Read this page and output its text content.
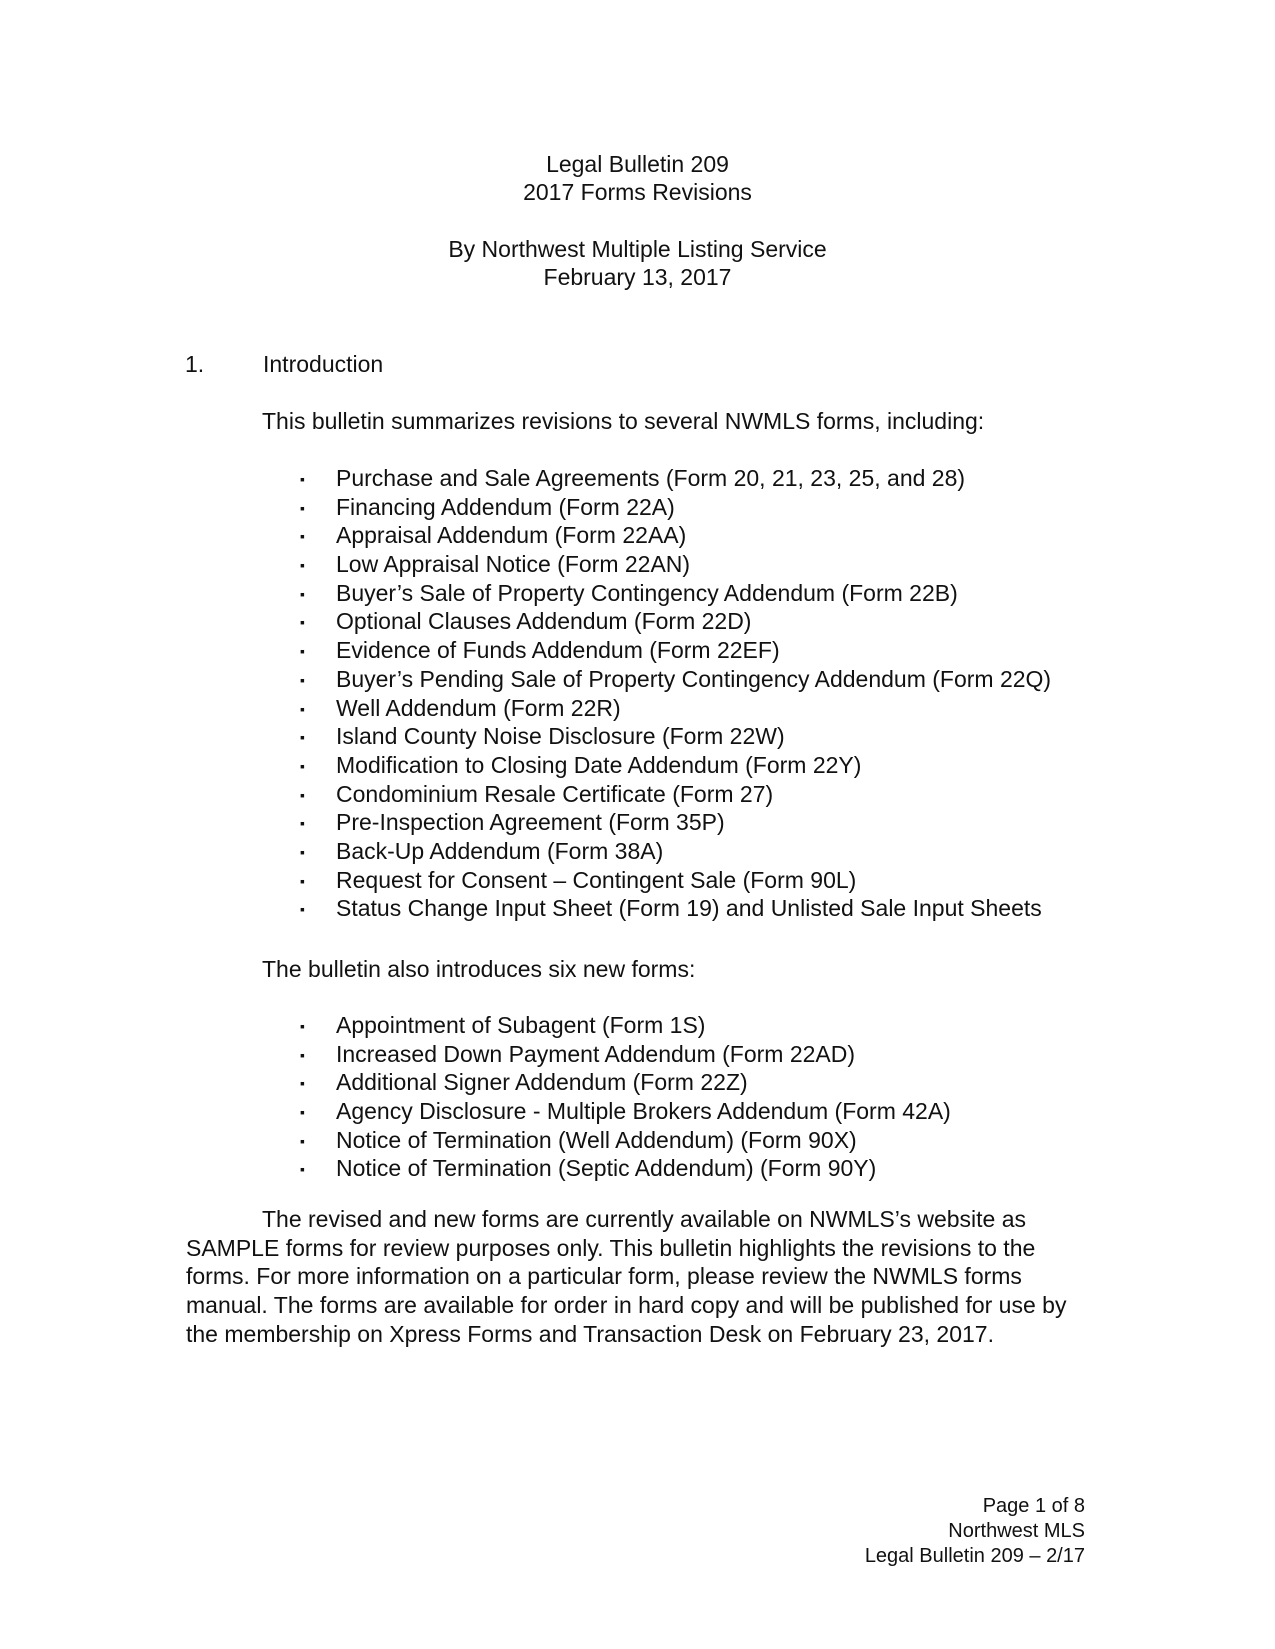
Legal Bulletin 209
2017 Forms Revisions
By Northwest Multiple Listing Service
February 13, 2017
1.	Introduction

This bulletin summarizes revisions to several NWMLS forms, including:

▪ Purchase and Sale Agreements (Form 20, 21, 23, 25, and 28)
▪ Financing Addendum (Form 22A)
▪ Appraisal Addendum (Form 22AA)
▪ Low Appraisal Notice (Form 22AN)
▪ Buyer’s Sale of Property Contingency Addendum (Form 22B)
▪ Optional Clauses Addendum (Form 22D)
▪ Evidence of Funds Addendum (Form 22EF)
▪ Buyer’s Pending Sale of Property Contingency Addendum (Form 22Q)
▪ Well Addendum (Form 22R)
▪ Island County Noise Disclosure (Form 22W)
▪ Modification to Closing Date Addendum (Form 22Y)
▪ Condominium Resale Certificate (Form 27)
▪ Pre-Inspection Agreement (Form 35P)
▪ Back-Up Addendum (Form 38A)
▪ Request for Consent – Contingent Sale (Form 90L)
▪ Status Change Input Sheet (Form 19) and Unlisted Sale Input Sheets

The bulletin also introduces six new forms:

▪ Appointment of Subagent (Form 1S)
▪ Increased Down Payment Addendum (Form 22AD)
▪ Additional Signer Addendum (Form 22Z)
▪ Agency Disclosure - Multiple Brokers Addendum (Form 42A)
▪ Notice of Termination (Well Addendum) (Form 90X)
▪ Notice of Termination (Septic Addendum) (Form 90Y)

The revised and new forms are currently available on NWMLS’s website as SAMPLE forms for review purposes only. This bulletin highlights the revisions to the forms. For more information on a particular form, please review the NWMLS forms manual. The forms are available for order in hard copy and will be published for use by the membership on Xpress Forms and Transaction Desk on February 23, 2017.

Page 1 of 8
Northwest MLS
Legal Bulletin 209 – 2/17
